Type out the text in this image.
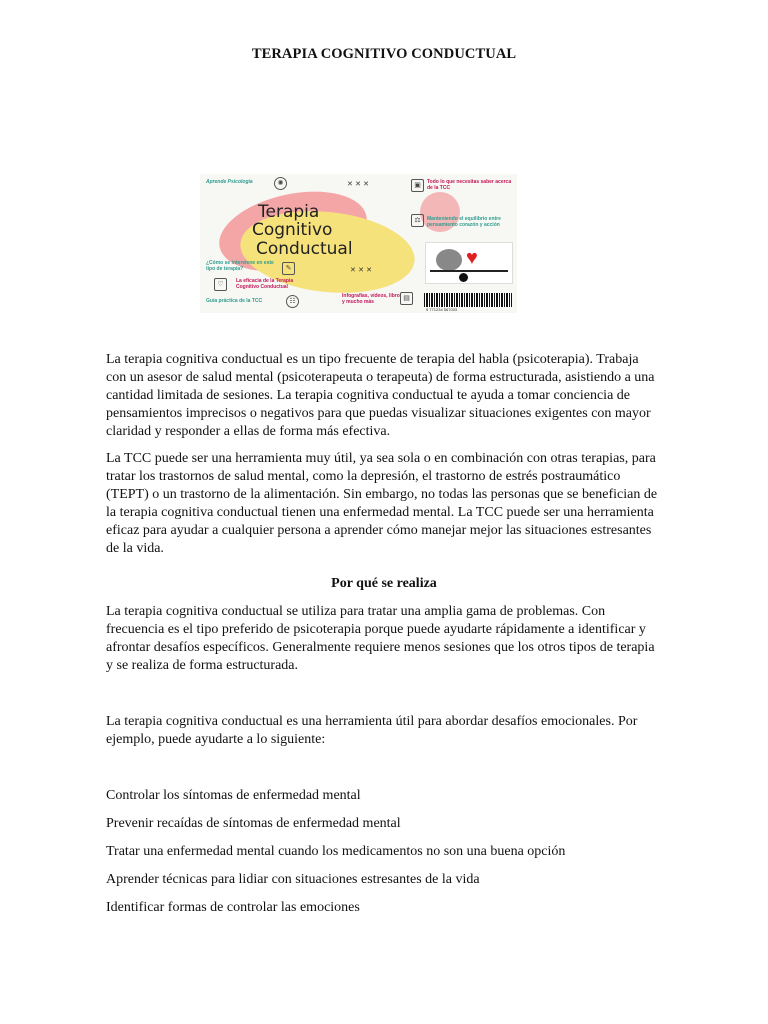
TERAPIA COGNITIVO CONDUCTUAL
Aprende Psicología	✺	✕ ✕ ✕	▣	Todo lo que necesitas saber acerca de la TCC
Terapia
Cognitivo
Conductual
⚖	Manteniendo el equilibrio entre pensamiento corazón y acción
♥
¿Cómo se interviene en este tipo de terapia?	✎	✕ ✕ ✕
♡	La eficacia de la Terapia Cognitivo Conductual
Guía práctica de la TCC	☷
Infografías, vídeos, libro y mucho más	▤
9 771234 567003

La terapia cognitiva conductual es un tipo frecuente de terapia del habla (psicoterapia). Trabaja con un asesor de salud mental (psicoterapeuta o terapeuta) de forma estructurada, asistiendo a una cantidad limitada de sesiones. La terapia cognitiva conductual te ayuda a tomar conciencia de pensamientos imprecisos o negativos para que puedas visualizar situaciones exigentes con mayor claridad y responder a ellas de forma más efectiva.

La TCC puede ser una herramienta muy útil, ya sea sola o en combinación con otras terapias, para tratar los trastornos de salud mental, como la depresión, el trastorno de estrés postraumático (TEPT) o un trastorno de la alimentación. Sin embargo, no todas las personas que se benefician de la terapia cognitiva conductual tienen una enfermedad mental. La TCC puede ser una herramienta eficaz para ayudar a cualquier persona a aprender cómo manejar mejor las situaciones estresantes de la vida.

Por qué se realiza

La terapia cognitiva conductual se utiliza para tratar una amplia gama de problemas. Con frecuencia es el tipo preferido de psicoterapia porque puede ayudarte rápidamente a identificar y afrontar desafíos específicos. Generalmente requiere menos sesiones que los otros tipos de terapia y se realiza de forma estructurada.

La terapia cognitiva conductual es una herramienta útil para abordar desafíos emocionales. Por ejemplo, puede ayudarte a lo siguiente:

Controlar los síntomas de enfermedad mental
Prevenir recaídas de síntomas de enfermedad mental
Tratar una enfermedad mental cuando los medicamentos no son una buena opción
Aprender técnicas para lidiar con situaciones estresantes de la vida
Identificar formas de controlar las emociones
